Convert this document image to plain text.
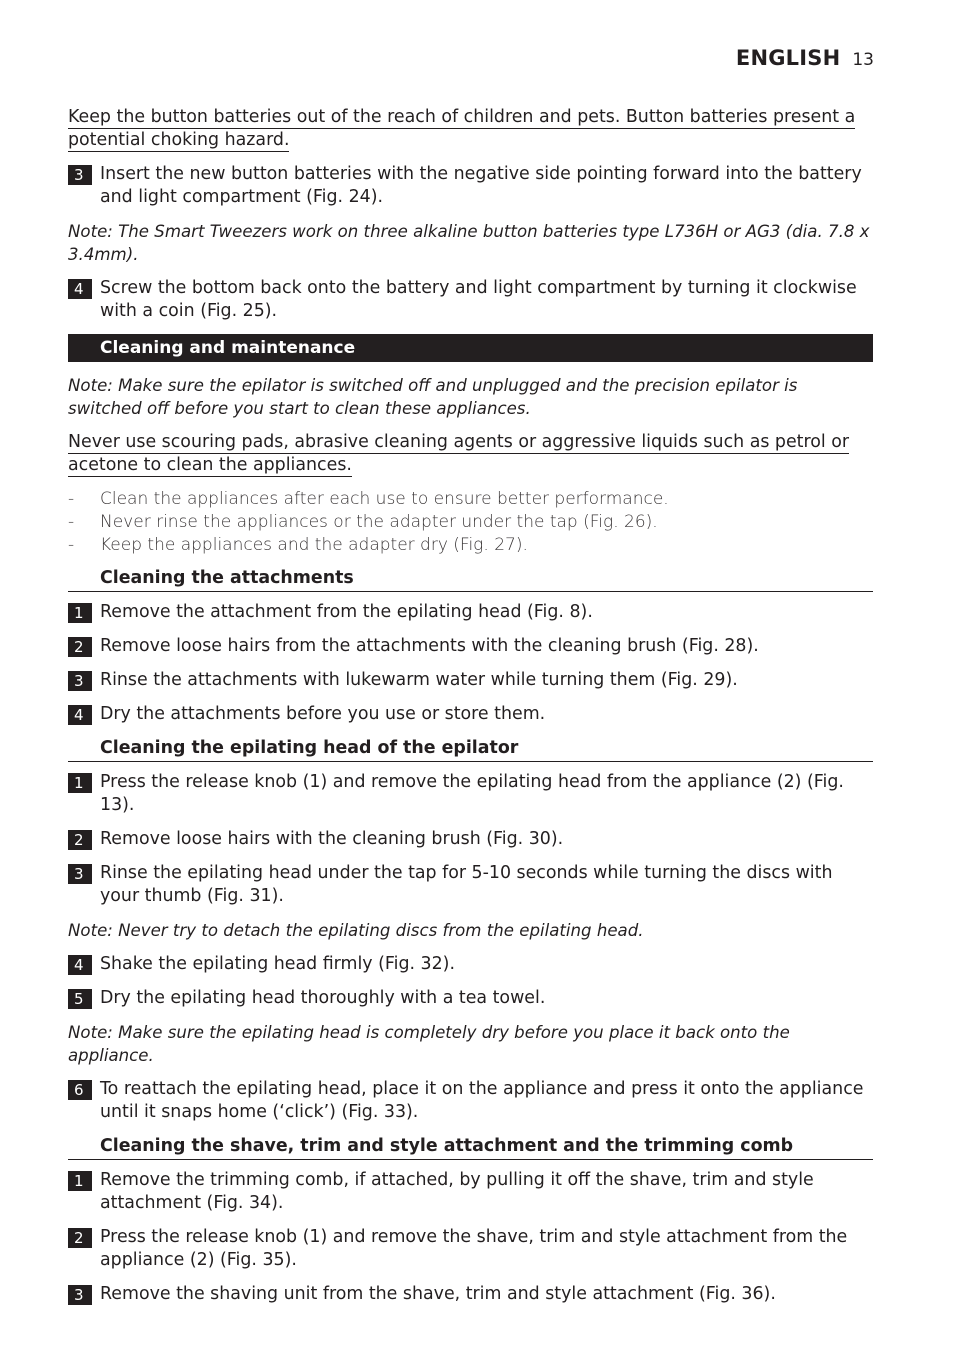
ENGLISH 13

Keep the button batteries out of the reach of children and pets. Button batteries present a potential choking hazard.

3 Insert the new button batteries with the negative side pointing forward into the battery and light compartment (Fig. 24).

Note: The Smart Tweezers work on three alkaline button batteries type L736H or AG3 (dia. 7.8 x 3.4mm).

4 Screw the bottom back onto the battery and light compartment by turning it clockwise with a coin (Fig. 25).
Cleaning and maintenance

Note: Make sure the epilator is switched off and unplugged and the precision epilator is switched off before you start to clean these appliances.

Never use scouring pads, abrasive cleaning agents or aggressive liquids such as petrol or acetone to clean the appliances.

-	Clean the appliances after each use to ensure better performance.
-	Never rinse the appliances or the adapter under the tap (Fig. 26).
-	Keep the appliances and the adapter dry (Fig. 27).
Cleaning the attachments
1 Remove the attachment from the epilating head (Fig. 8).
2 Remove loose hairs from the attachments with the cleaning brush (Fig. 28).
3 Rinse the attachments with lukewarm water while turning them (Fig. 29).
4 Dry the attachments before you use or store them.
Cleaning the epilating head of the epilator
1 Press the release knob (1) and remove the epilating head from the appliance (2) (Fig. 13).
2 Remove loose hairs with the cleaning brush (Fig. 30).
3 Rinse the epilating head under the tap for 5-10 seconds while turning the discs with your thumb (Fig. 31).

Note: Never try to detach the epilating discs from the epilating head.

4 Shake the epilating head firmly (Fig. 32).
5 Dry the epilating head thoroughly with a tea towel.

Note: Make sure the epilating head is completely dry before you place it back onto the appliance.

6 To reattach the epilating head, place it on the appliance and press it onto the appliance until it snaps home (‘click’) (Fig. 33).
Cleaning the shave, trim and style attachment and the trimming comb
1 Remove the trimming comb, if attached, by pulling it off the shave, trim and style attachment (Fig. 34).
2 Press the release knob (1) and remove the shave, trim and style attachment from the appliance (2) (Fig. 35).
3 Remove the shaving unit from the shave, trim and style attachment (Fig. 36).
